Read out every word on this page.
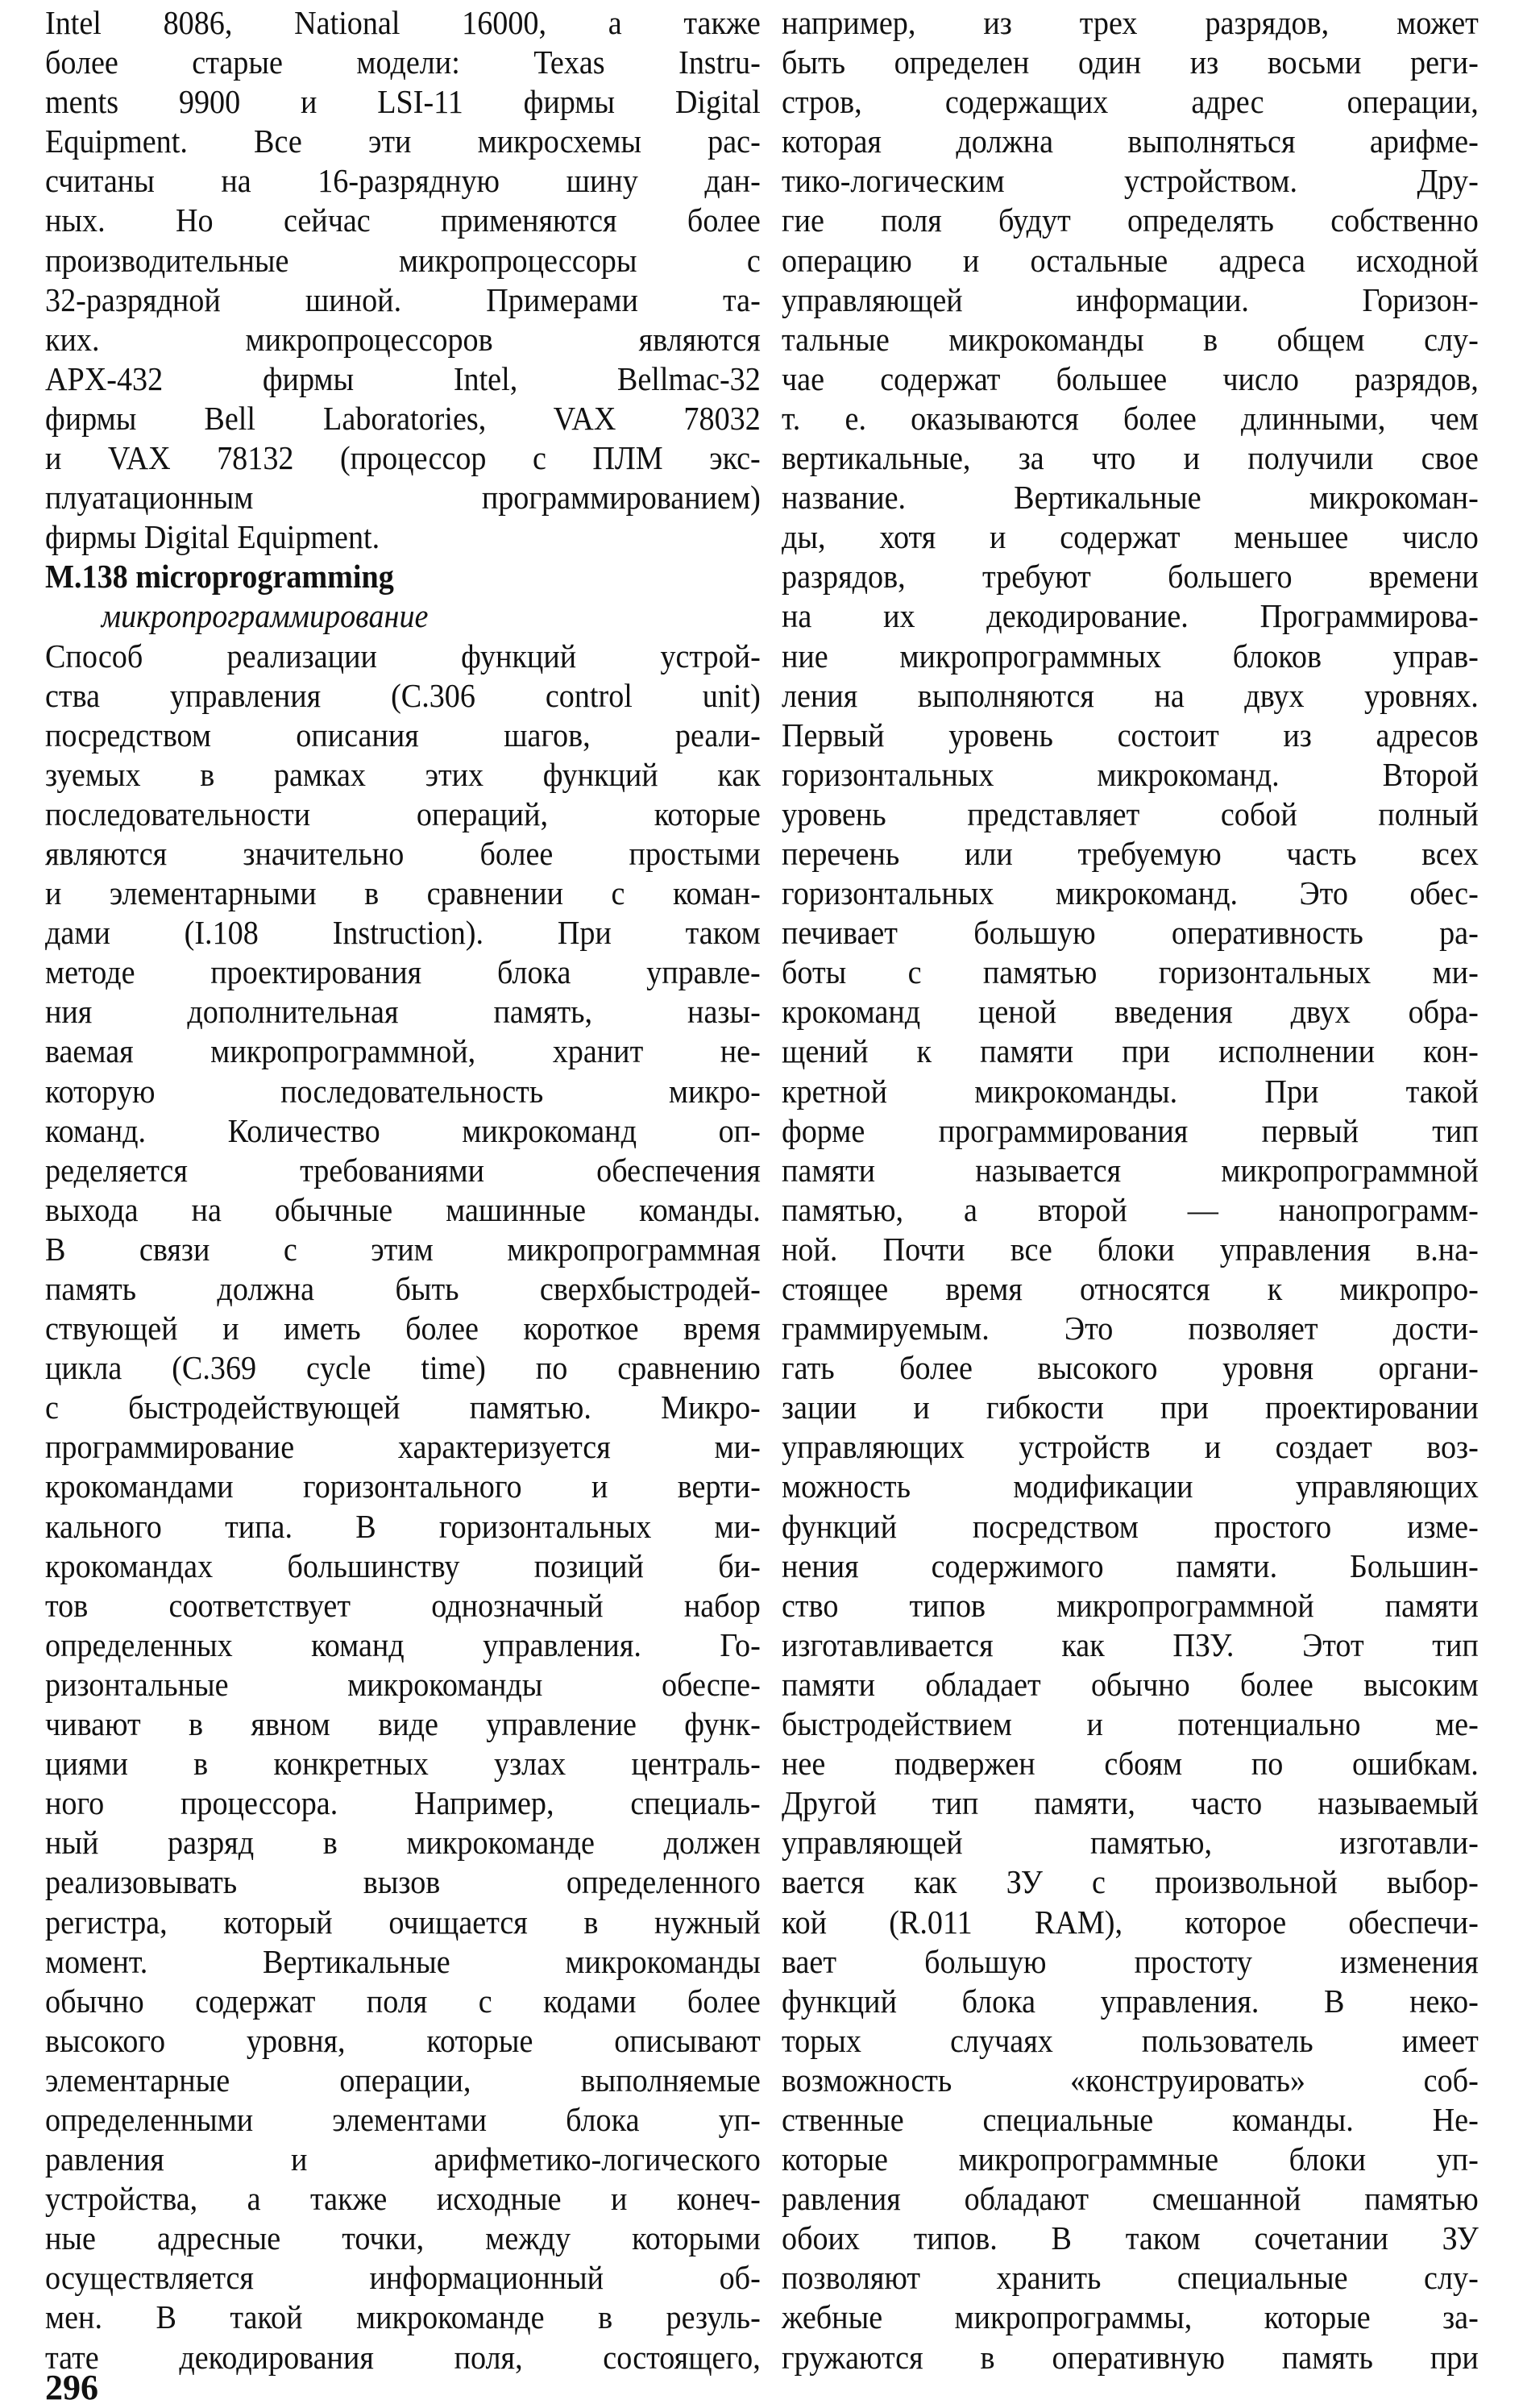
Intel 8086, National 16000, а также
более старые модели: Texas Instru-
ments 9900 и LSI-11 фирмы Digital
Equipment. Все эти микросхемы рас-
считаны на 16-разрядную шину дан-
ных. Но сейчас применяются более
производительные микропроцессоры с
32-разрядной шиной. Примерами та-
ких. микропроцессоров являются
APX-432 фирмы Intel, Bellmac-32
фирмы Bell Laboratories, VAX 78032
и VAX 78132 (процессор с ПЛМ экс-
плуатационным программированием)
фирмы Digital Equipment.
M.138 microprogramming
микропрограммирование
Способ реализации функций устрой-
ства управления (C.306 control unit)
посредством описания шагов, реали-
зуемых в рамках этих функций как
последовательности операций, которые
являются значительно более простыми
и элементарными в сравнении с коман-
дами (I.108 Instruction). При таком
методе проектирования блока управле-
ния дополнительная память, назы-
ваемая микропрограммной, хранит не-
которую последовательность микро-
команд. Количество микрокоманд оп-
ределяется требованиями обеспечения
выхода на обычные машинные команды.
В связи с этим микропрограммная
память должна быть сверхбыстродей-
ствующей и иметь более короткое время
цикла (C.369 cycle time) по сравнению
с быстродействующей памятью. Микро-
программирование характеризуется ми-
крокомандами горизонтального и верти-
кального типа. В горизонтальных ми-
крокомандах большинству позиций би-
тов соответствует однозначный набор
определенных команд управления. Го-
ризонтальные микрокоманды обеспе-
чивают в явном виде управление функ-
циями в конкретных узлах централь-
ного процессора. Например, специаль-
ный разряд в микрокоманде должен
реализовывать вызов определенного
регистра, который очищается в нужный
момент. Вертикальные микрокоманды
обычно содержат поля с кодами более
высокого уровня, которые описывают
элементарные операции, выполняемые
определенными элементами блока уп-
равления и арифметико-логического
устройства, а также исходные и конеч-
ные адресные точки, между которыми
осуществляется информационный об-
мен. В такой микрокоманде в резуль-
тате декодирования поля, состоящего,
например, из трех разрядов, может
быть определен один из восьми реги-
стров, содержащих адрес операции,
которая должна выполняться арифме-
тико-логическим устройством. Дру-
гие поля будут определять собственно
операцию и остальные адреса исходной
управляющей информации. Горизон-
тальные микрокоманды в общем слу-
чае содержат большее число разрядов,
т. е. оказываются более длинными, чем
вертикальные, за что и получили свое
название. Вертикальные микрокоман-
ды, хотя и содержат меньшее число
разрядов, требуют большего времени
на их декодирование. Программирова-
ние микропрограммных блоков управ-
ления выполняются на двух уровнях.
Первый уровень состоит из адресов
горизонтальных микрокоманд. Второй
уровень представляет собой полный
перечень или требуемую часть всех
горизонтальных микрокоманд. Это обес-
печивает большую оперативность ра-
боты с памятью горизонтальных ми-
крокоманд ценой введения двух обра-
щений к памяти при исполнении кон-
кретной микрокоманды. При такой
форме программирования первый тип
памяти называется микропрограммной
памятью, а второй — нанопрограмм-
ной. Почти все блоки управления в.на-
стоящее время относятся к микропро-
граммируемым. Это позволяет дости-
гать более высокого уровня органи-
зации и гибкости при проектировании
управляющих устройств и создает воз-
можность модификации управляющих
функций посредством простого изме-
нения содержимого памяти. Большин-
ство типов микропрограммной памяти
изготавливается как ПЗУ. Этот тип
памяти обладает обычно более высоким
быстродействием и потенциально ме-
нее подвержен сбоям по ошибкам.
Другой тип памяти, часто называемый
управляющей памятью, изготавли-
вается как ЗУ с произвольной выбор-
кой (R.011 RAM), которое обеспечи-
вает большую простоту изменения
функций блока управления. В неко-
торых случаях пользователь имеет
возможность «конструировать» соб-
ственные специальные команды. Не-
которые микропрограммные блоки уп-
равления обладают смешанной памятью
обоих типов. В таком сочетании ЗУ
позволяют хранить специальные слу-
жебные микропрограммы, которые за-
гружаются в оперативную память при
296
